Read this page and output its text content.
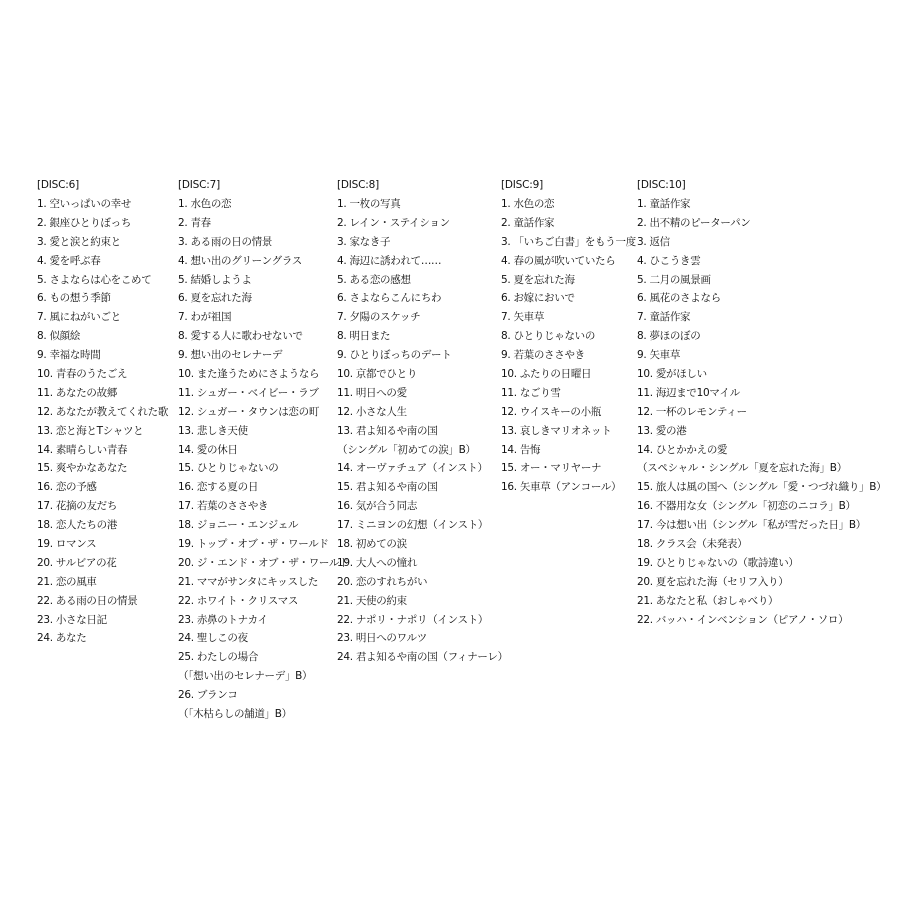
[DISC:6]
1. 空いっぱいの幸せ
2. 銀座ひとりぼっち
3. 愛と涙と約束と
4. 愛を呼ぶ春
5. さよならは心をこめて
6. もの想う季節
7. 風にねがいごと
8. 似顔絵
9. 幸福な時間
10. 青春のうたごえ
11. あなたの故郷
12. あなたが教えてくれた歌
13. 恋と海とTシャツと
14. 素晴らしい青春
15. 爽やかなあなた
16. 恋の予感
17. 花摘の友だち
18. 恋人たちの港
19. ロマンス
20. サルビアの花
21. 恋の風車
22. ある雨の日の情景
23. 小さな日記
24. あなた
[DISC:7]
1. 水色の恋
2. 青春
3. ある雨の日の情景
4. 想い出のグリーングラス
5. 結婚しようよ
6. 夏を忘れた海
7. わが祖国
8. 愛する人に歌わせないで
9. 想い出のセレナーデ
10. また逢うためにさようなら
11. シュガー・ベイビー・ラブ
12. シュガー・タウンは恋の町
13. 悲しき天使
14. 愛の休日
15. ひとりじゃないの
16. 恋する夏の日
17. 若葉のささやき
18. ジョニー・エンジェル
19. トップ・オブ・ザ・ワールド
20. ジ・エンド・オブ・ザ・ワールド
21. ママがサンタにキッスした
22. ホワイト・クリスマス
23. 赤鼻のトナカイ
24. 聖しこの夜
25. わたしの場合
（「想い出のセレナーデ」B）
26. ブランコ
（「木枯らしの舗道」B）
[DISC:8]
1. 一枚の写真
2. レイン・ステイション
3. 家なき子
4. 海辺に誘われて……
5. ある恋の感想
6. さよならこんにちわ
7. 夕陽のスケッチ
8. 明日また
9. ひとりぼっちのデート
10. 京都でひとり
11. 明日への愛
12. 小さな人生
13. 君よ知るや南の国
（シングル「初めての涙」B）
14. オーヴァチュア（インスト）
15. 君よ知るや南の国
16. 気が合う同志
17. ミニヨンの幻想（インスト）
18. 初めての涙
19. 大人への憧れ
20. 恋のすれちがい
21. 天使の約束
22. ナポリ・ナポリ（インスト）
23. 明日へのワルツ
24. 君よ知るや南の国（フィナーレ）
[DISC:9]
1. 水色の恋
2. 童話作家
3. 「いちご白書」をもう一度
4. 春の風が吹いていたら
5. 夏を忘れた海
6. お嫁においで
7. 矢車草
8. ひとりじゃないの
9. 若葉のささやき
10. ふたりの日曜日
11. なごり雪
12. ウイスキーの小瓶
13. 哀しきマリオネット
14. 告悔
15. オー・マリヤーナ
16. 矢車草（アンコール）
[DISC:10]
1. 童話作家
2. 出不精のピーターパン
3. 返信
4. ひこうき雲
5. 二月の風景画
6. 風花のさよなら
7. 童話作家
8. 夢ほのぼの
9. 矢車草
10. 愛がほしい
11. 海辺まで10マイル
12. 一杯のレモンティー
13. 愛の港
14. ひとかかえの愛
（スペシャル・シングル「夏を忘れた海」B）
15. 旅人は風の国へ（シングル「愛・つづれ織り」B）
16. 不器用な女（シングル「初恋のニコラ」B）
17. 今は想い出（シングル「私が雪だった日」B）
18. クラス会（未発表）
19. ひとりじゃないの（歌詩違い）
20. 夏を忘れた海（セリフ入り）
21. あなたと私（おしゃべり）
22. バッハ・インベンション（ピアノ・ソロ）
